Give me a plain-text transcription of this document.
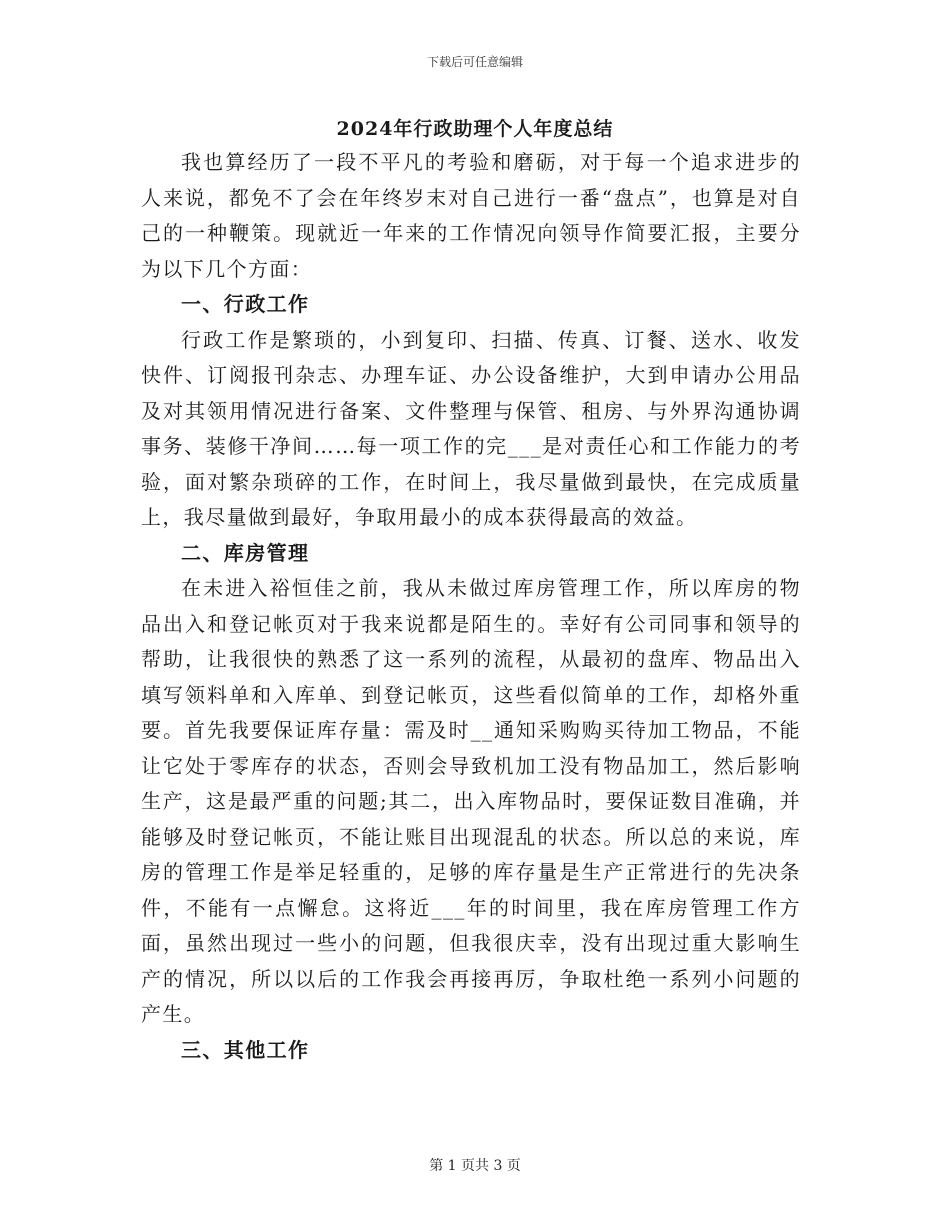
下载后可任意编辑
2024年行政助理个人年度总结

我也算经历了一段不平凡的考验和磨砺，对于每一个追求进步的人来说，都免不了会在年终岁末对自己进行一番“盘点”，也算是对自己的一种鞭策。现就近一年来的工作情况向领导作简要汇报，主要分为以下几个方面：

一、行政工作

行政工作是繁琐的，小到复印、扫描、传真、订餐、送水、收发快件、订阅报刊杂志、办理车证、办公设备维护，大到申请办公用品及对其领用情况进行备案、文件整理与保管、租房、与外界沟通协调事务、装修干净间……每一项工作的完___是对责任心和工作能力的考验，面对繁杂琐碎的工作，在时间上，我尽量做到最快，在完成质量上，我尽量做到最好，争取用最小的成本获得最高的效益。

二、库房管理

在未进入裕恒佳之前，我从未做过库房管理工作，所以库房的物品出入和登记帐页对于我来说都是陌生的。幸好有公司同事和领导的帮助，让我很快的熟悉了这一系列的流程，从最初的盘库、物品出入填写领料单和入库单、到登记帐页，这些看似简单的工作，却格外重要。首先我要保证库存量：需及时__通知采购购买待加工物品，不能让它处于零库存的状态，否则会导致机加工没有物品加工，然后影响生产，这是最严重的问题;其二，出入库物品时，要保证数目准确，并能够及时登记帐页，不能让账目出现混乱的状态。所以总的来说，库房的管理工作是举足轻重的，足够的库存量是生产正常进行的先决条件，不能有一点懈怠。这将近___年的时间里，我在库房管理工作方面，虽然出现过一些小的问题，但我很庆幸，没有出现过重大影响生产的情况，所以以后的工作我会再接再厉，争取杜绝一系列小问题的产生。

三、其他工作
第 1 页共 3 页
